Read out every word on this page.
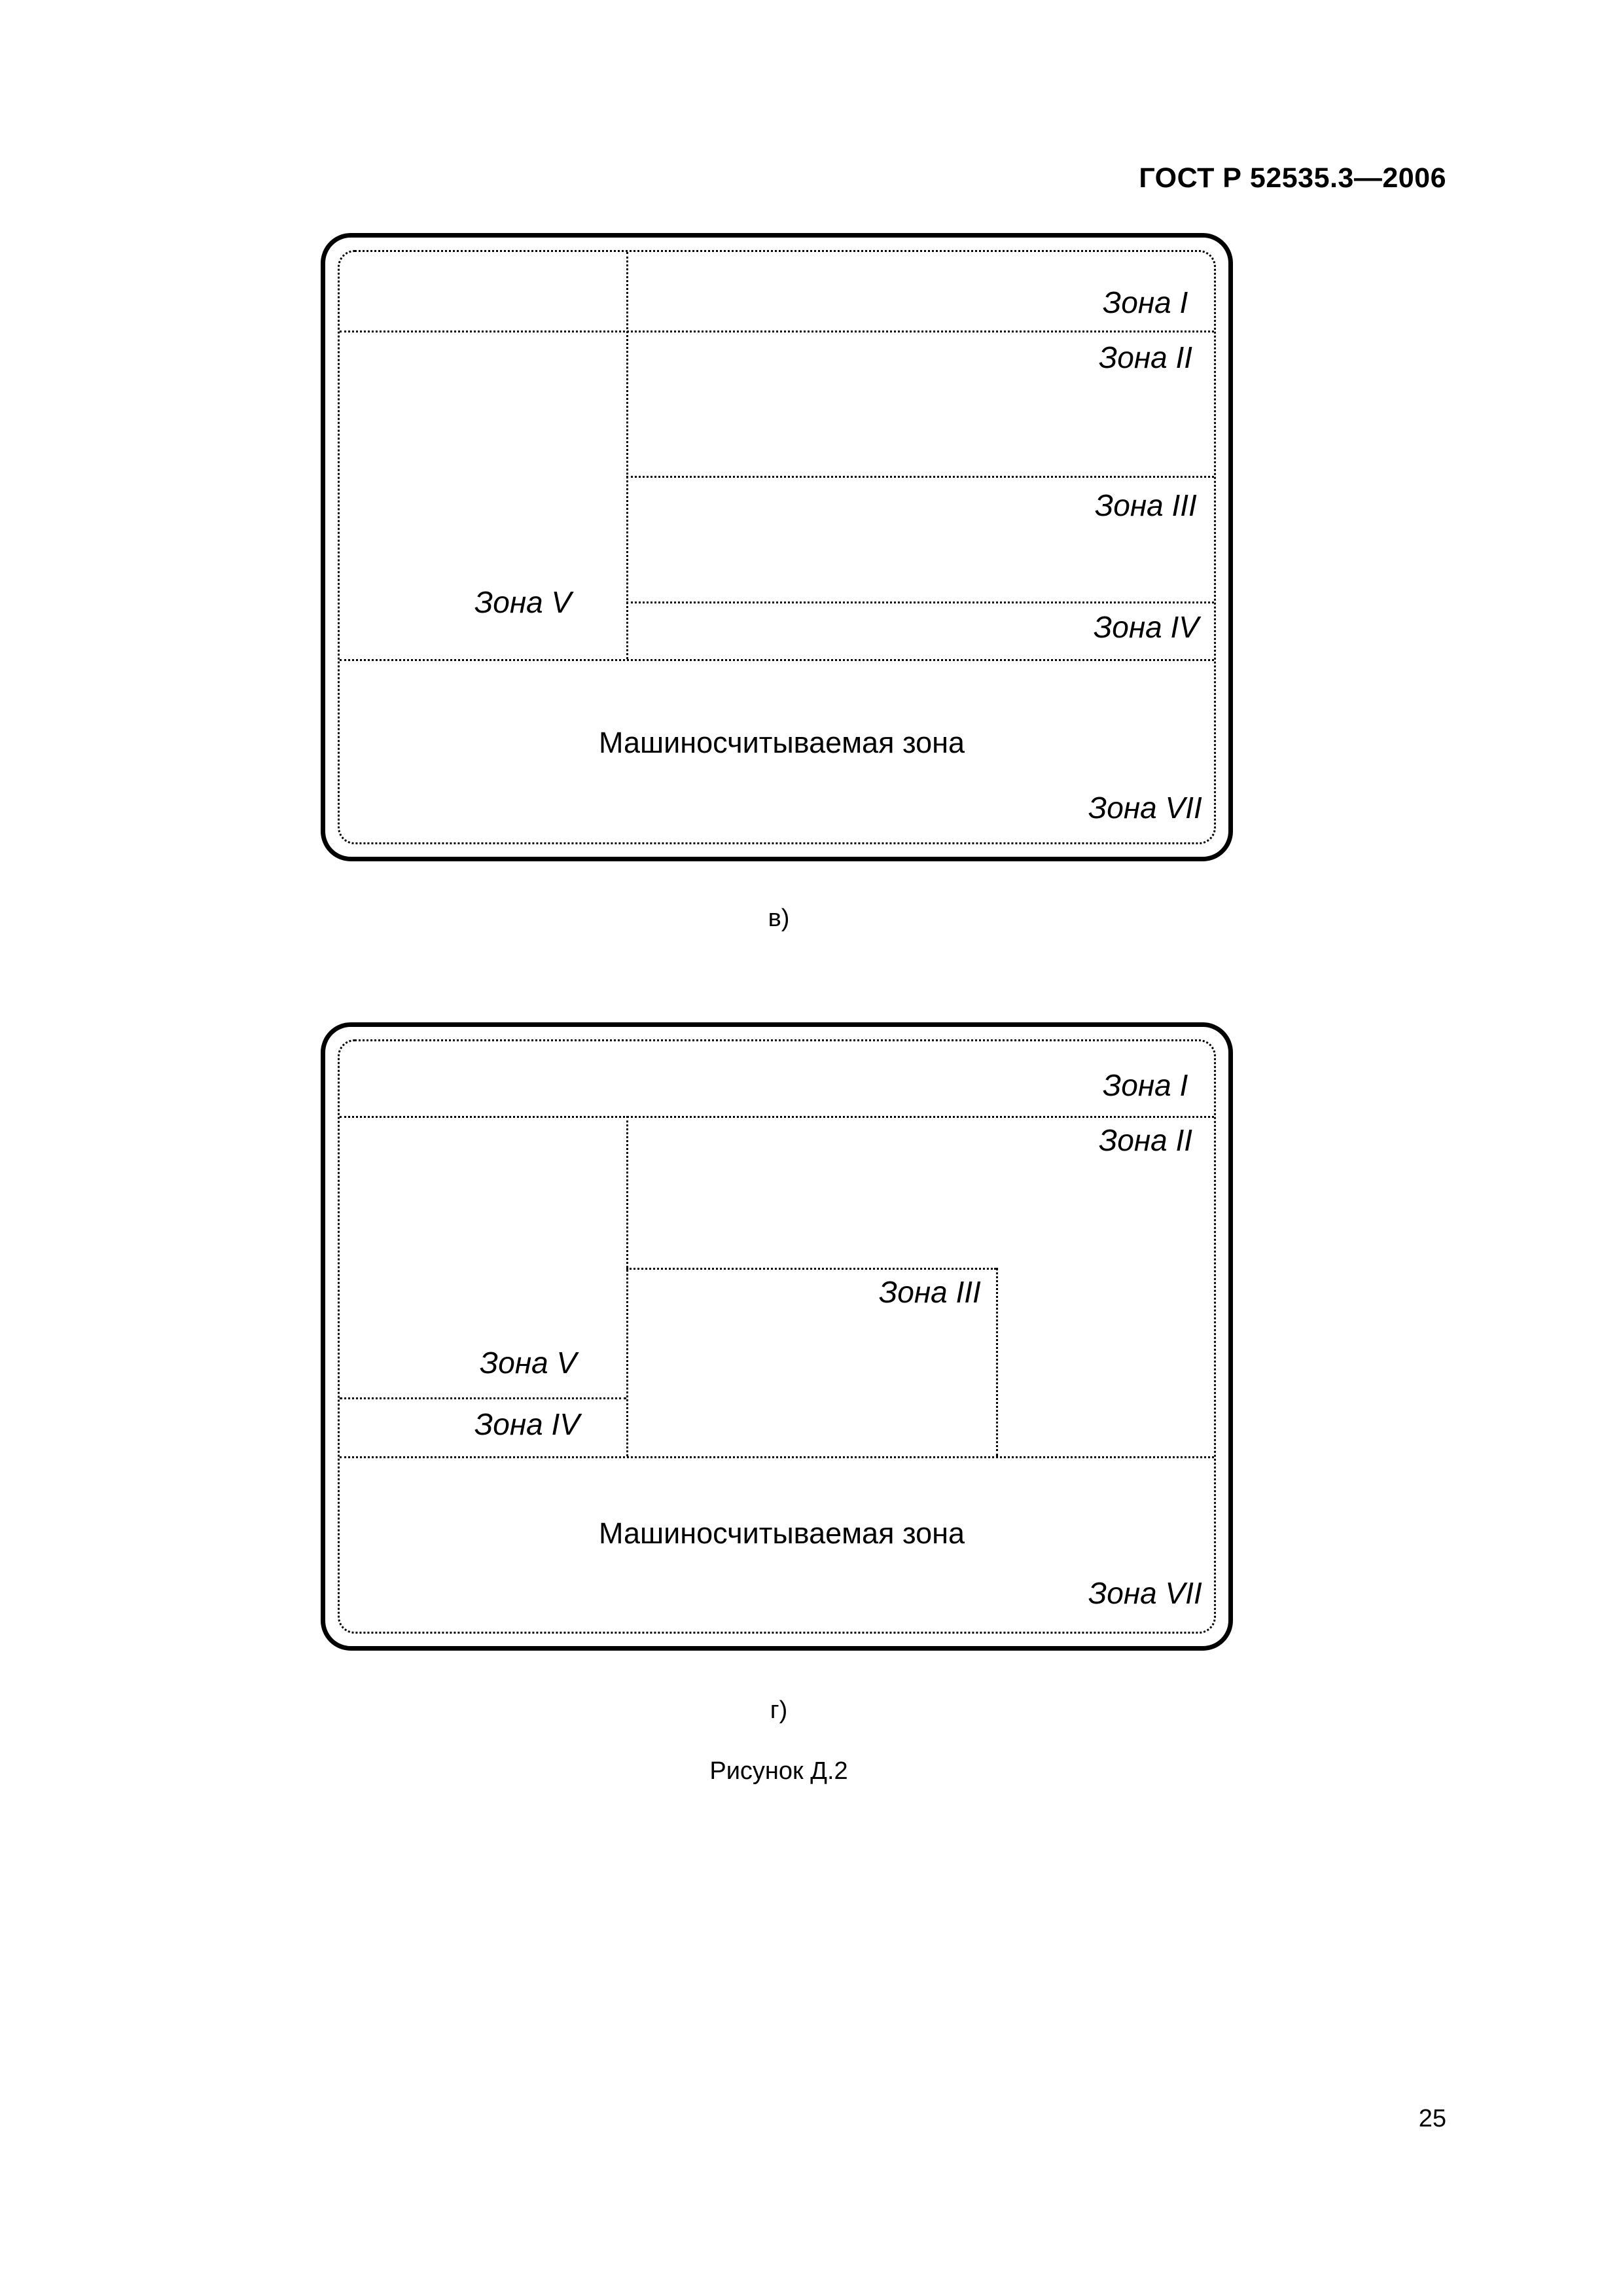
ГОСТ Р 52535.3—2006
Зона I
Зона II
Зона III
Зона IV
Зона V
Машиносчитываемая зона
Зона VII
в)
Зона I
Зона II
Зона III
Зона V
Зона IV
Машиносчитываемая зона
Зона VII
г)
Рисунок Д.2
25
